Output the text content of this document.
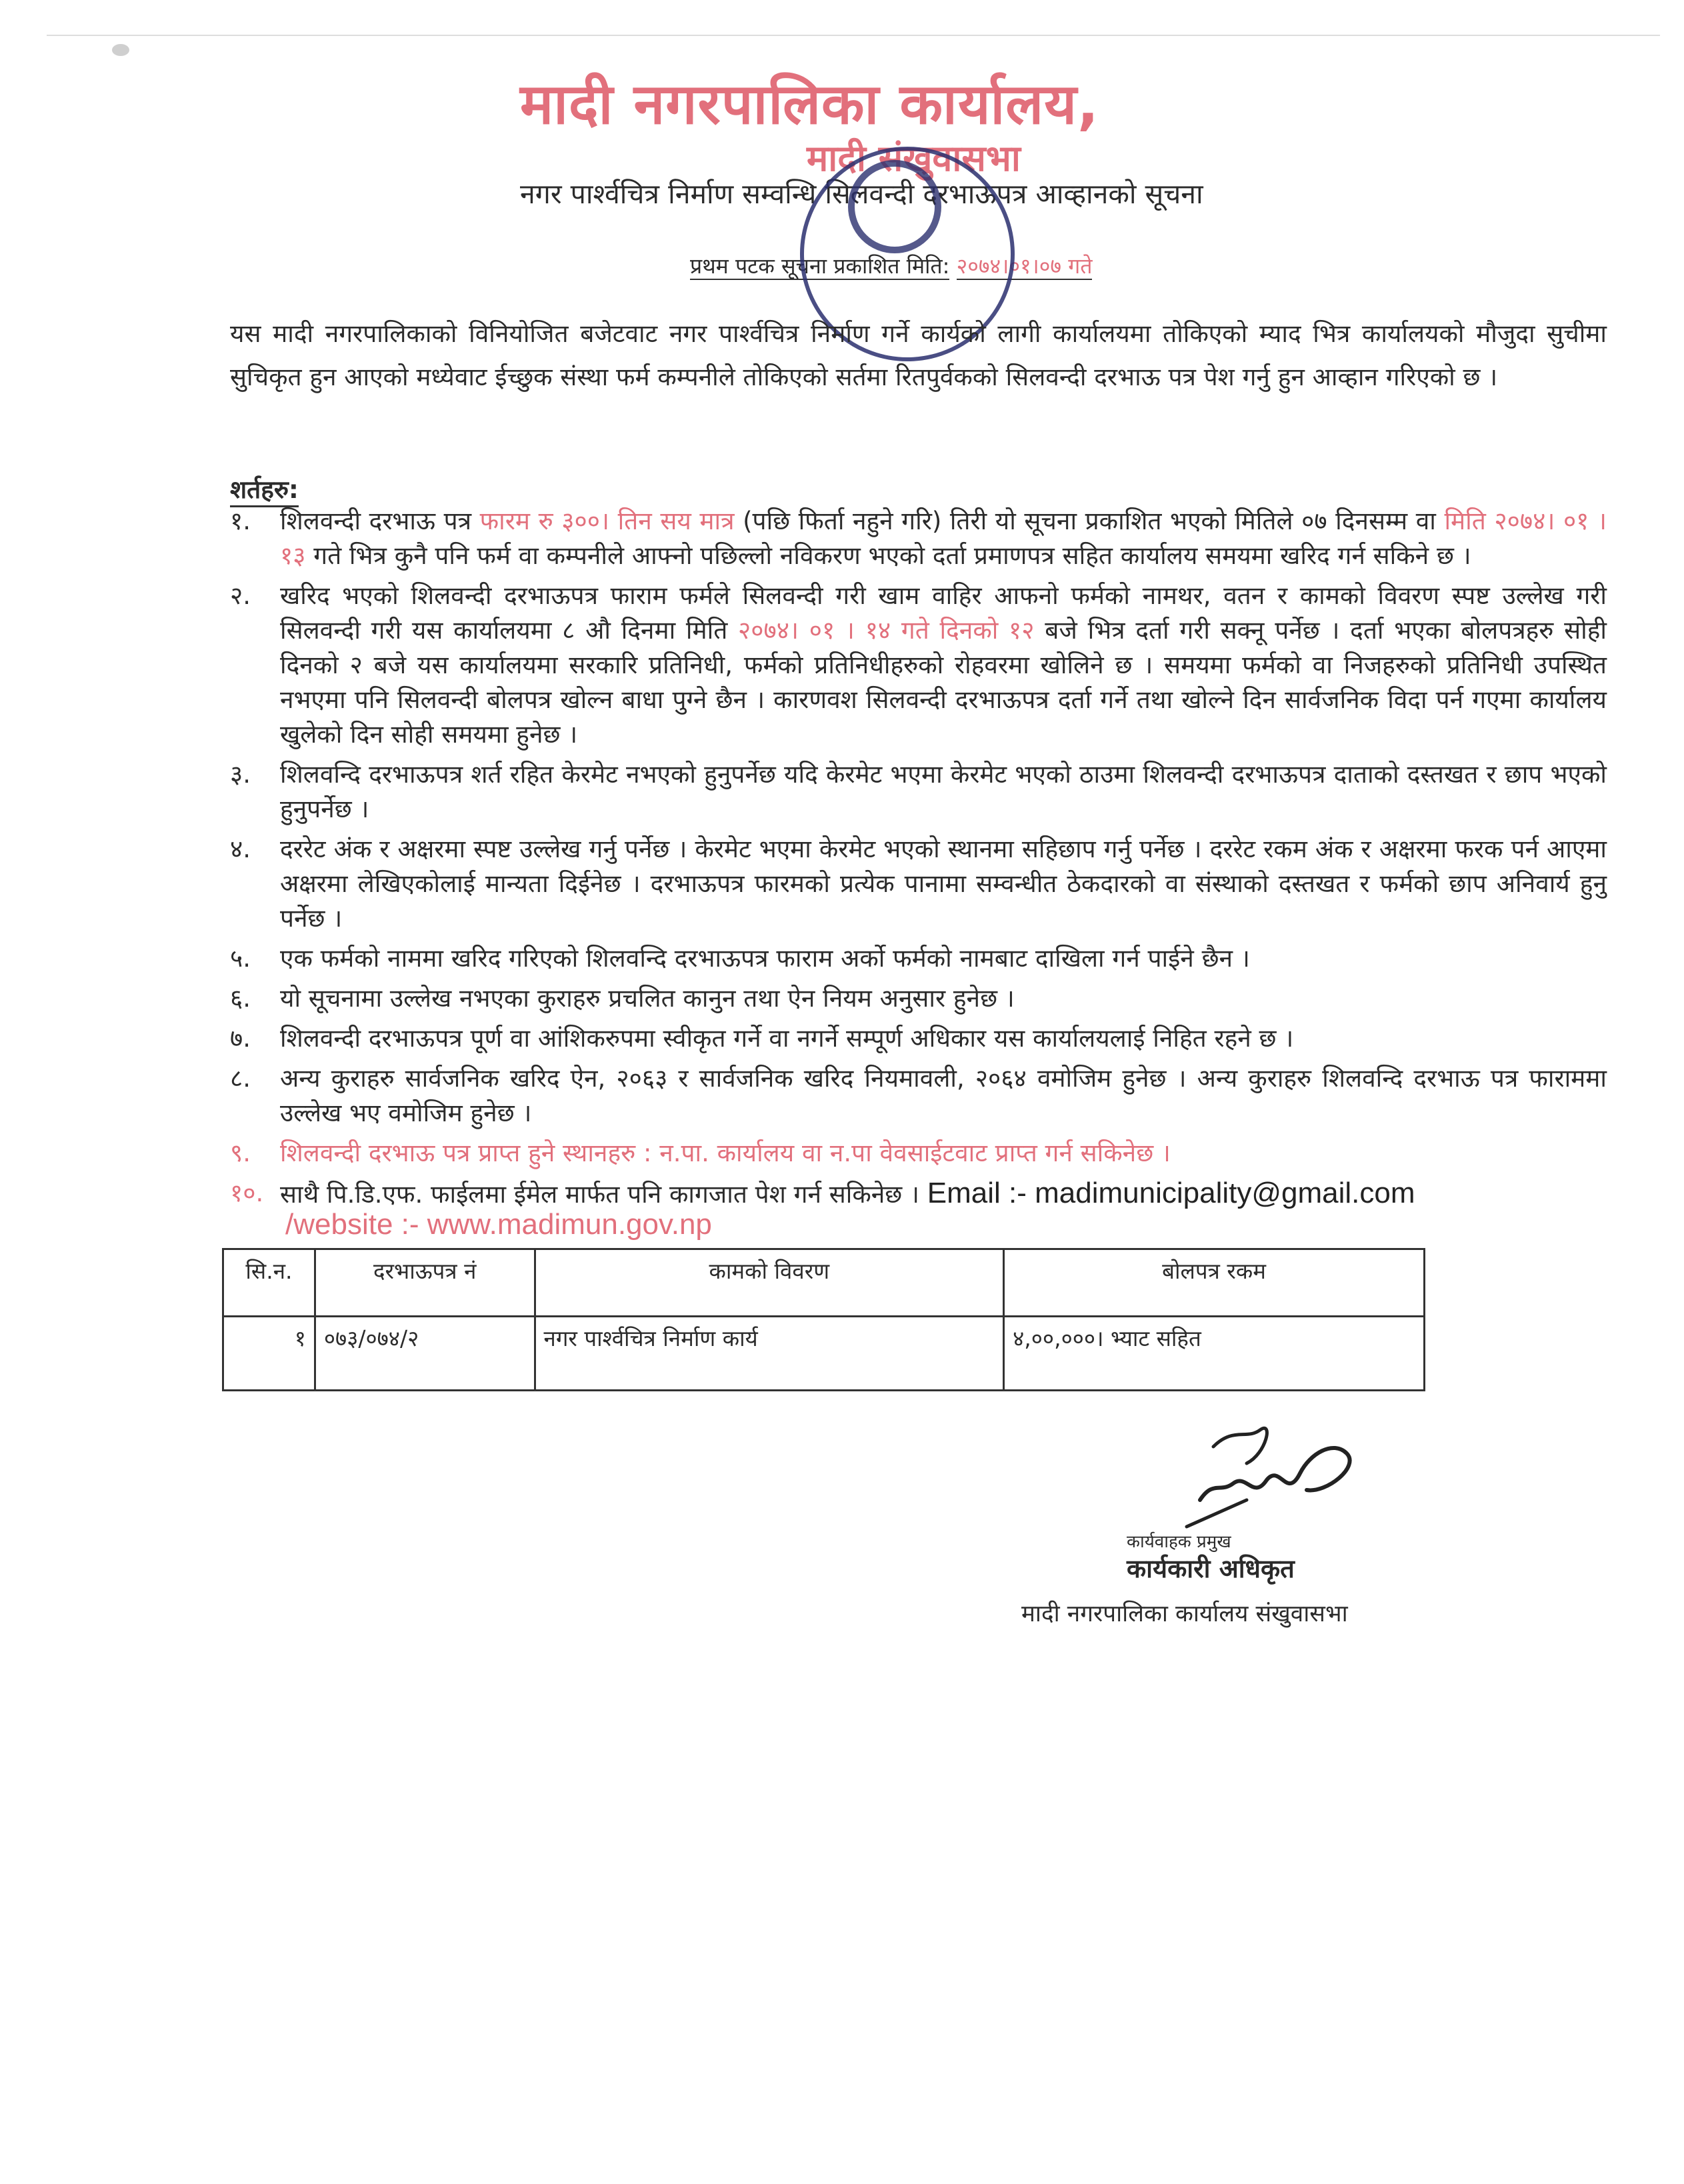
मादी नगरपालिका कार्यालय,
मादी संखुवासभा
नगर पार्श्वचित्र निर्माण सम्वन्धि सिलवन्दी दरभाऊपत्र आव्हानको सूचना
प्रथम पटक सूचना प्रकाशित मिति: २०७४।०१।०७ गते
यस मादी नगरपालिकाको विनियोजित बजेटवाट नगर पार्श्वचित्र निर्माण गर्ने कार्यको लागी कार्यालयमा तोकिएको म्याद भित्र कार्यालयको मौजुदा सुचीमा सुचिकृत हुन आएको मध्येवाट ईच्छुक संस्था फर्म कम्पनीले तोकिएको सर्तमा रितपुर्वकको सिलवन्दी दरभाऊ पत्र पेश गर्नु हुन आव्हान गरिएको छ ।
शर्तहरु:
१.	शिलवन्दी दरभाऊ पत्र फारम रु ३००। तिन सय मात्र (पछि फिर्ता नहुने गरि) तिरी यो सूचना प्रकाशित भएको मितिले ०७ दिनसम्म वा मिति २०७४। ०१ ।१३ गते भित्र कुनै पनि फर्म वा कम्पनीले आफ्नो पछिल्लो नविकरण भएको दर्ता प्रमाणपत्र सहित कार्यालय समयमा खरिद गर्न सकिने छ ।
२.	खरिद भएको शिलवन्दी दरभाऊपत्र फाराम फर्मले सिलवन्दी गरी खाम वाहिर आफनो फर्मको नामथर, वतन र कामको विवरण स्पष्ट उल्लेख गरी सिलवन्दी गरी यस कार्यालयमा ८ औ दिनमा मिति २०७४। ०१ । १४ गते दिनको १२ बजे भित्र दर्ता गरी सक्नू पर्नेछ । दर्ता भएका बोलपत्रहरु सोही दिनको २ बजे यस कार्यालयमा सरकारि प्रतिनिधी, फर्मको प्रतिनिधीहरुको रोहवरमा खोलिने छ । समयमा फर्मको वा निजहरुको प्रतिनिधी उपस्थित नभएमा पनि सिलवन्दी बोलपत्र खोल्न बाधा पुग्ने छैन । कारणवश सिलवन्दी दरभाऊपत्र दर्ता गर्ने तथा खोल्ने दिन सार्वजनिक विदा पर्न गएमा कार्यालय खुलेको दिन सोही समयमा हुनेछ ।
३.	शिलवन्दि दरभाऊपत्र शर्त रहित केरमेट नभएको हुनुपर्नेछ यदि केरमेट भएमा केरमेट भएको ठाउमा शिलवन्दी दरभाऊपत्र दाताको दस्तखत र छाप भएको हुनुपर्नेछ ।
४.	दररेट अंक र अक्षरमा स्पष्ट उल्लेख गर्नु पर्नेछ । केरमेट भएमा केरमेट भएको स्थानमा सहिछाप गर्नु पर्नेछ । दररेट रकम अंक र अक्षरमा फरक पर्न आएमा अक्षरमा लेखिएकोलाई मान्यता दिईनेछ । दरभाऊपत्र फारमको प्रत्येक पानामा सम्वन्धीत ठेकदारको वा संस्थाको दस्तखत र फर्मको छाप अनिवार्य हुनु पर्नेछ ।
५.	एक फर्मको नाममा खरिद गरिएको शिलवन्दि दरभाऊपत्र फाराम अर्को फर्मको नामबाट दाखिला गर्न पाईने छैन ।
६.	यो सूचनामा उल्लेख नभएका कुराहरु प्रचलित कानुन तथा ऐन नियम अनुसार हुनेछ ।
७.	शिलवन्दी दरभाऊपत्र पूर्ण वा आंशिकरुपमा स्वीकृत गर्ने वा नगर्ने सम्पूर्ण अधिकार यस कार्यालयलाई निहित रहने छ ।
८.	अन्य कुराहरु सार्वजनिक खरिद ऐन, २०६३ र सार्वजनिक खरिद नियमावली, २०६४ वमोजिम हुनेछ । अन्य कुराहरु शिलवन्दि दरभाऊ पत्र फाराममा उल्लेख भए वमोजिम हुनेछ ।
९.	शिलवन्दी दरभाऊ पत्र प्राप्त हुने स्थानहरु : न.पा. कार्यालय वा न.पा वेवसाईटवाट प्राप्त गर्न सकिनेछ ।
१०. साथै पि.डि.एफ. फाईलमा ईमेल मार्फत पनि कागजात पेश गर्न सकिनेछ । Email :- madimunicipality@gmail.com
/website :- www.madimun.gov.np
सि.न.	दरभाऊपत्र नं	कामको विवरण	बोलपत्र रकम
१	०७३/०७४/२	नगर पार्श्वचित्र निर्माण कार्य	४,००,०००। भ्याट सहित
कार्यवाहक प्रमुख
कार्यकारी अधिकृत
मादी नगरपालिका कार्यालय संखुवासभा
